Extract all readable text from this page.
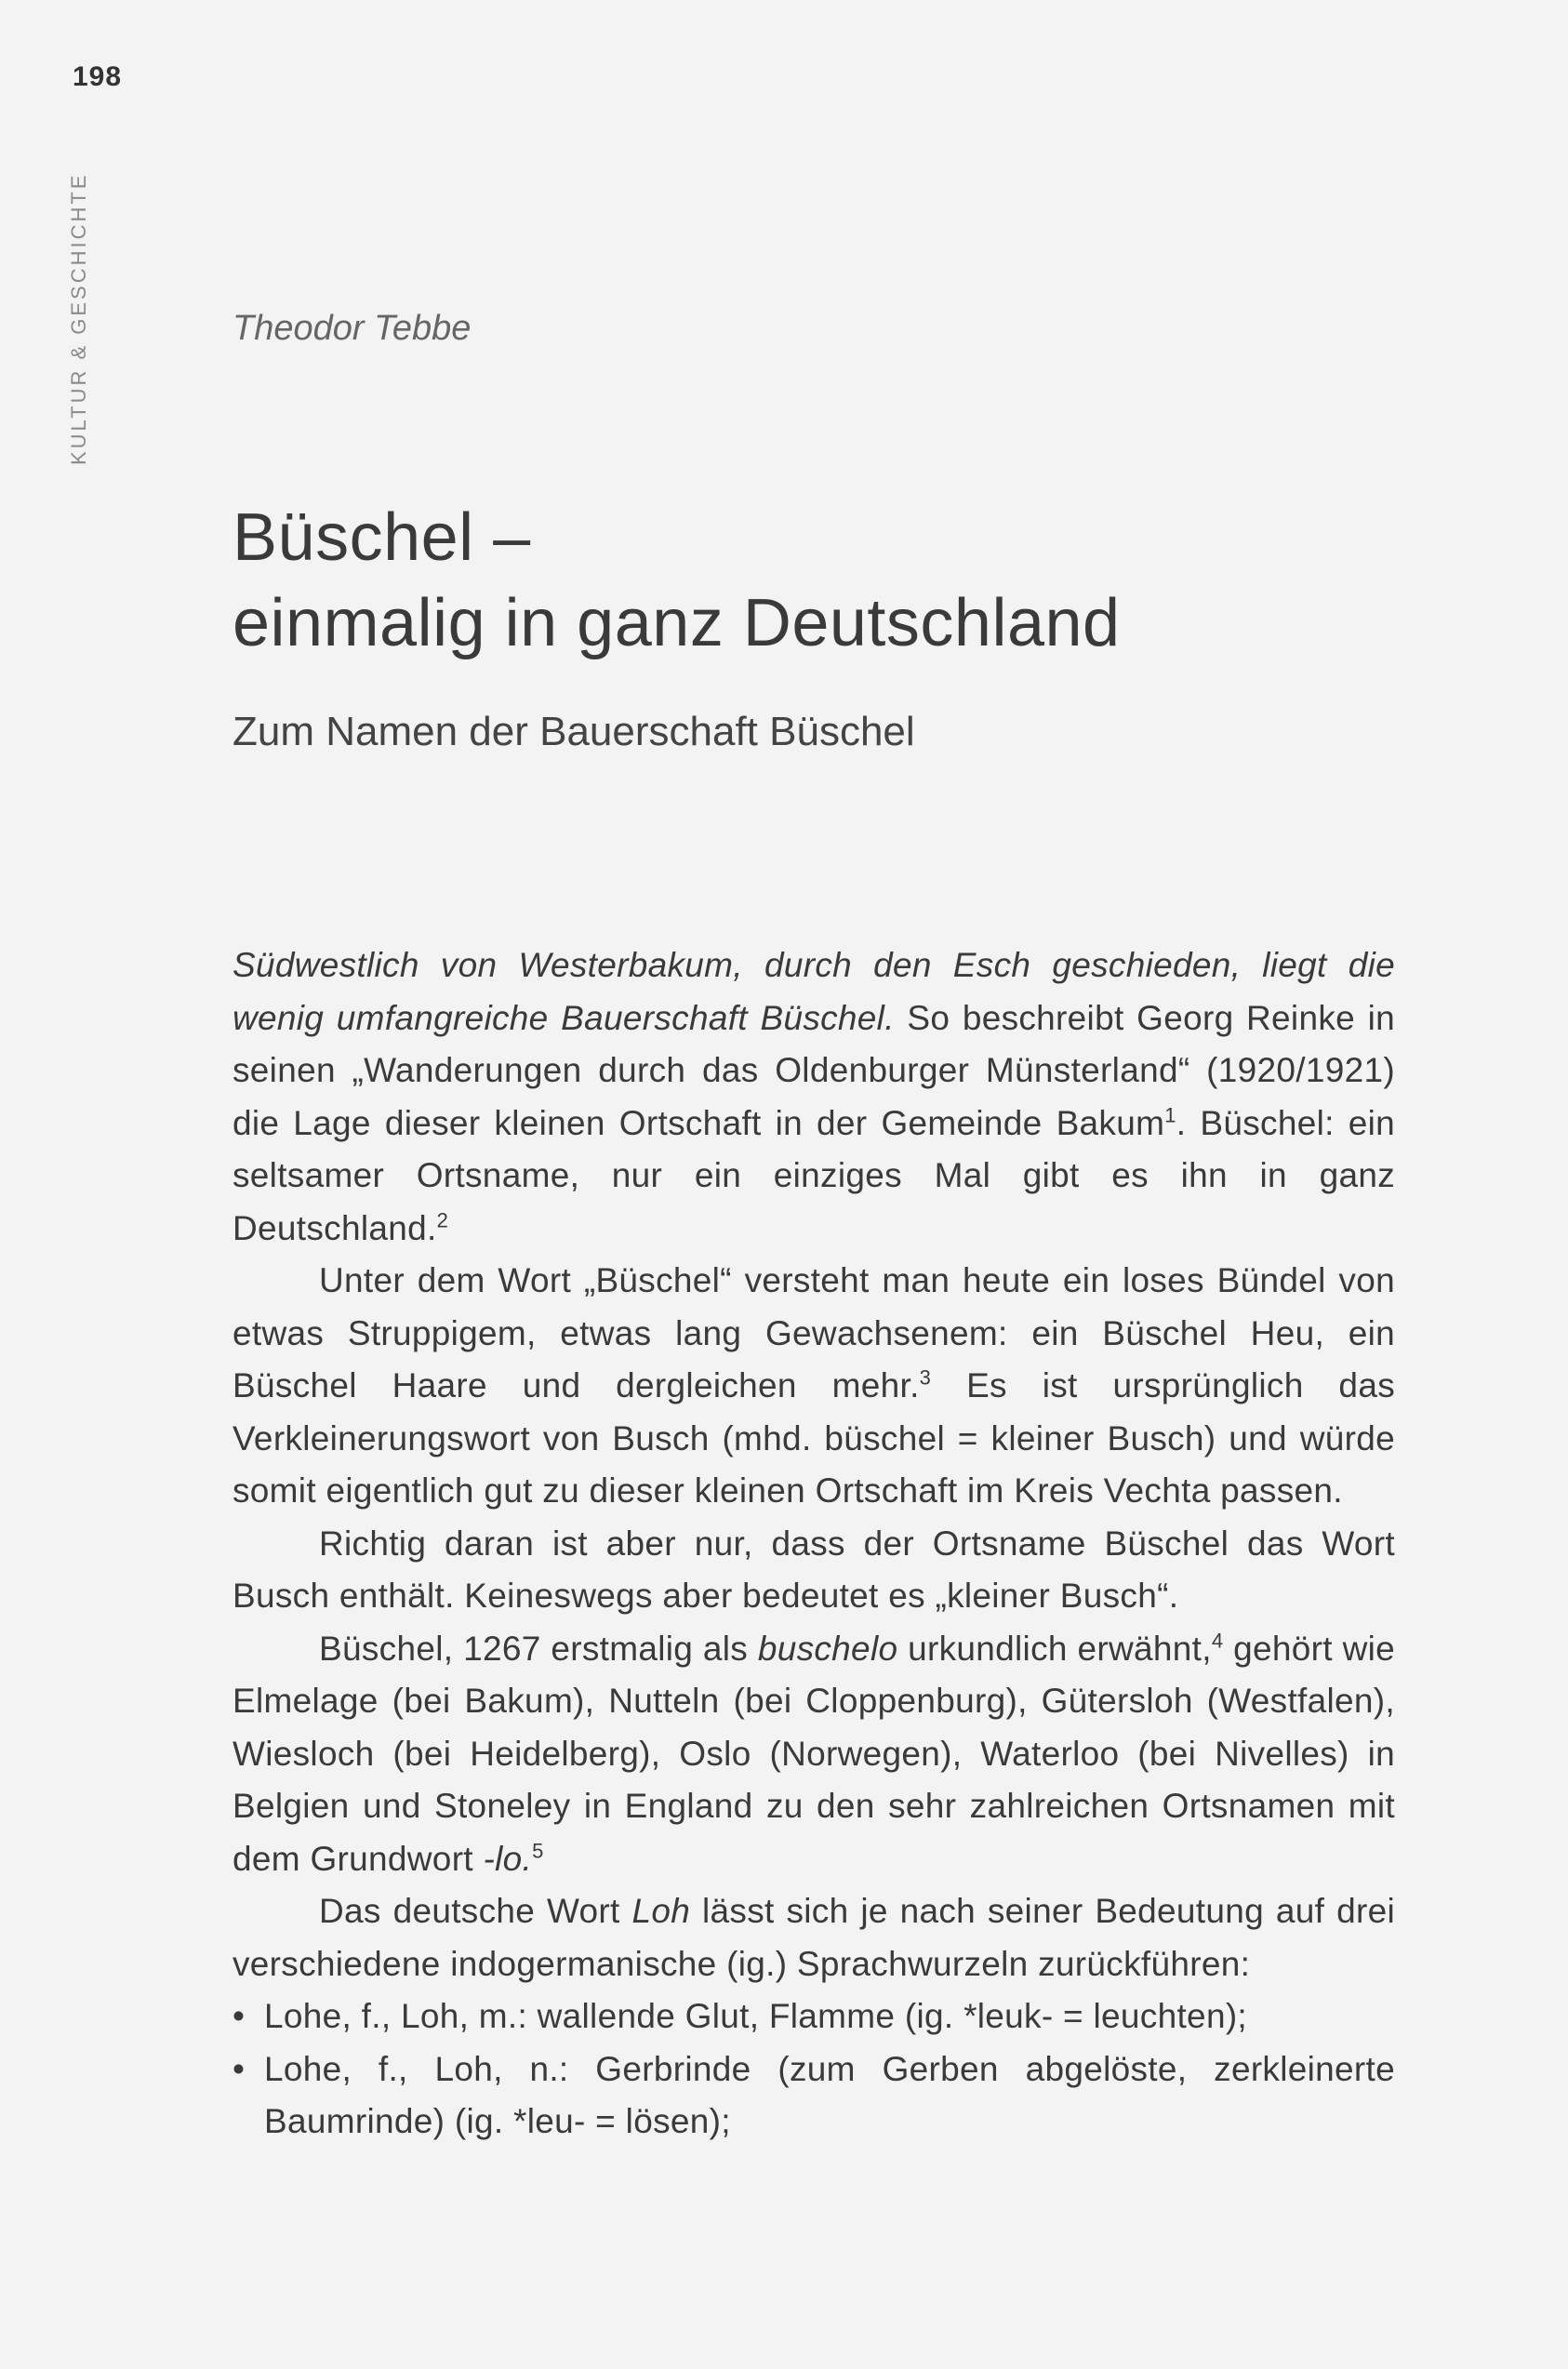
198
KULTUR & GESCHICHTE	Theodor Tebbe
Büschel –
einmalig in ganz Deutschland
Zum Namen der Bauerschaft Büschel

Südwestlich von Westerbakum, durch den Esch geschieden, liegt die wenig umfangreiche Bauerschaft Büschel. So beschreibt Georg Reinke in seinen „Wanderungen durch das Oldenburger Münsterland“ (1920/1921) die Lage dieser kleinen Ortschaft in der Gemeinde Bakum$^1$. Büschel: ein seltsamer Ortsname, nur ein einziges Mal gibt es ihn in ganz Deutschland.$^2$

Unter dem Wort „Büschel“ versteht man heute ein loses Bündel von etwas Struppigem, etwas lang Gewachsenem: ein Büschel Heu, ein Büschel Haare und dergleichen mehr.$^3$ Es ist ursprünglich das Verkleinerungswort von Busch (mhd. büschel = kleiner Busch) und würde somit eigentlich gut zu dieser kleinen Ortschaft im Kreis Vechta passen.

Richtig daran ist aber nur, dass der Ortsname Büschel das Wort Busch enthält. Keineswegs aber bedeutet es „kleiner Busch“.

Büschel, 1267 erstmalig als buschelo urkundlich erwähnt,$^4$ gehört wie Elmelage (bei Bakum), Nutteln (bei Cloppenburg), Gütersloh (Westfalen), Wiesloch (bei Heidelberg), Oslo (Norwegen), Waterloo (bei Nivelles) in Belgien und Stoneley in England zu den sehr zahlreichen Ortsnamen mit dem Grundwort -lo.$^5$

Das deutsche Wort Loh lässt sich je nach seiner Bedeutung auf drei verschiedene indogermanische (ig.) Sprachwurzeln zurückführen:

• Lohe, f., Loh, m.: wallende Glut, Flamme (ig. *leuk- = leuchten);
• Lohe, f., Loh, n.: Gerbrinde (zum Gerben abgelöste, zerkleinerte Baumrinde) (ig. *leu- = lösen);
